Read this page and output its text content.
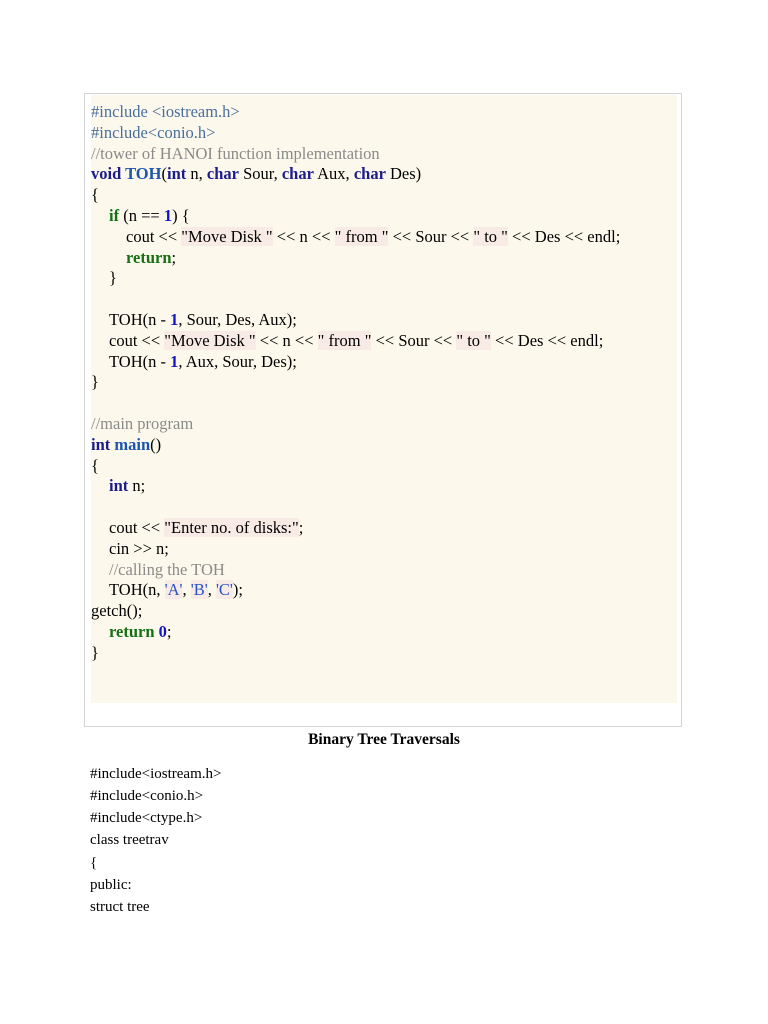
#include <iostream.h>
#include<conio.h>
//tower of HANOI function implementation
void TOH(int n, char Sour, char Aux, char Des)
{
if (n == 1) {
cout << "Move Disk " << n << " from " << Sour << " to " << Des << endl;
return;
}
TOH(n - 1, Sour, Des, Aux);
cout << "Move Disk " << n << " from " << Sour << " to " << Des << endl;
TOH(n - 1, Aux, Sour, Des);
}
//main program
int main()
{
int n;
cout << "Enter no. of disks:";
cin >> n;
//calling the TOH
TOH(n, 'A', 'B', 'C');
getch();
return 0;
}
Binary Tree Traversals
#include<iostream.h>
#include<conio.h>
#include<ctype.h>
class treetrav
{
public:
struct tree
